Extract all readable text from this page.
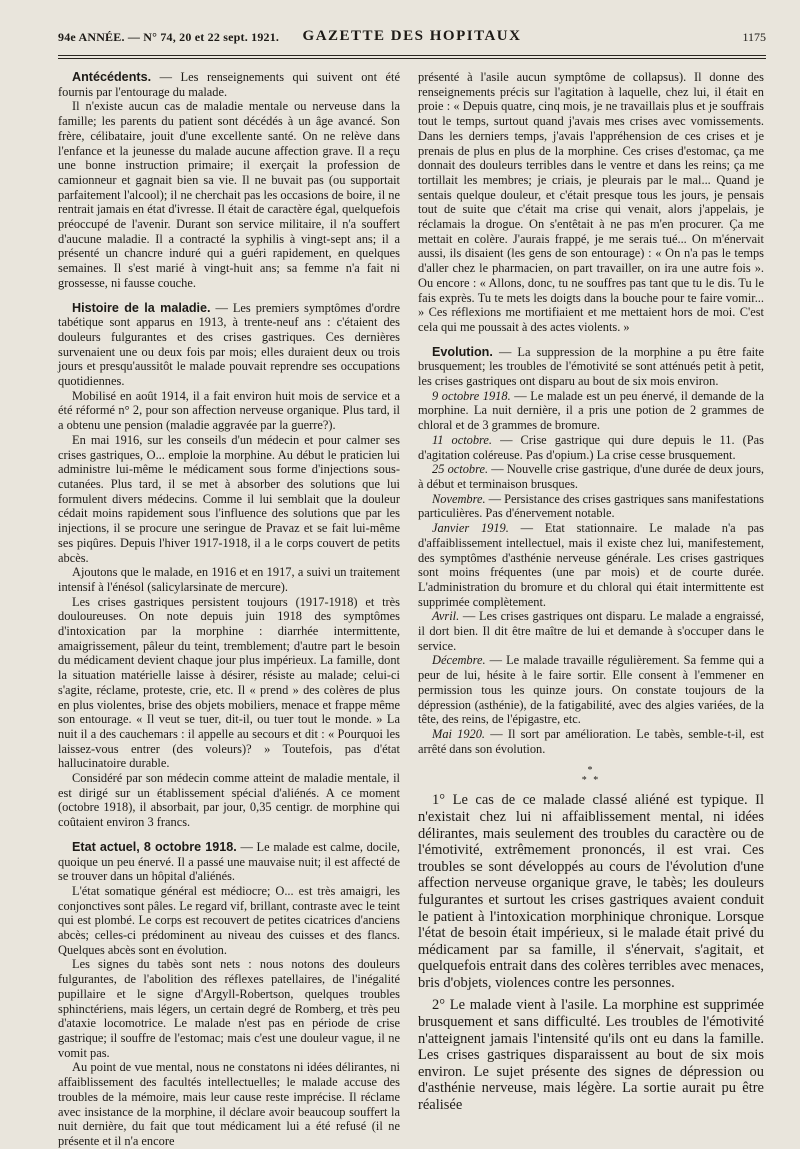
94e ANNÉE. — N° 74, 20 et 22 sept. 1921.	GAZETTE DES HOPITAUX	1175

Antécédents. — Les renseignements qui suivent ont été fournis par l'entourage du malade.

Il n'existe aucun cas de maladie mentale ou nerveuse dans la famille; les parents du patient sont décédés à un âge avancé. Son frère, célibataire, jouit d'une excellente santé. On ne relève dans l'enfance et la jeunesse du malade aucune affection grave. Il a reçu une bonne instruction primaire; il exerçait la profession de camionneur et gagnait bien sa vie. Il ne buvait pas (ou supportait parfaitement l'alcool); il ne cherchait pas les occasions de boire, il ne rentrait jamais en état d'ivresse. Il était de caractère égal, quelquefois préoccupé de l'avenir. Durant son service militaire, il n'a souffert d'aucune maladie. Il a contracté la syphilis à vingt-sept ans; il a présenté un chancre induré qui a guéri rapidement, en quelques semaines. Il s'est marié à vingt-huit ans; sa femme n'a fait ni grossesse, ni fausse couche.

Histoire de la maladie. — Les premiers symptômes d'ordre tabétique sont apparus en 1913, à trente-neuf ans : c'étaient des douleurs fulgurantes et des crises gastriques. Ces dernières survenaient une ou deux fois par mois; elles duraient deux ou trois jours et presqu'aussitôt le malade pouvait reprendre ses occupations quotidiennes.

Mobilisé en août 1914, il a fait environ huit mois de service et a été réformé n° 2, pour son affection nerveuse organique. Plus tard, il a obtenu une pension (maladie aggravée par la guerre?).

En mai 1916, sur les conseils d'un médecin et pour calmer ses crises gastriques, O... emploie la morphine. Au début le praticien lui administre lui-même le médicament sous forme d'injections sous-cutanées. Plus tard, il se met à absorber des solutions que lui formulent divers médecins. Comme il lui semblait que la douleur cédait moins rapidement sous l'influence des solutions que par les injections, il se procure une seringue de Pravaz et se fait lui-même ses piqûres. Depuis l'hiver 1917-1918, il a le corps couvert de petits abcès.

Ajoutons que le malade, en 1916 et en 1917, a suivi un traitement intensif à l'énésol (salicylarsinate de mercure).

Les crises gastriques persistent toujours (1917-1918) et très douloureuses. On note depuis juin 1918 des symptômes d'intoxication par la morphine : diarrhée intermittente, amaigrissement, pâleur du teint, tremblement; d'autre part le besoin du médicament devient chaque jour plus impérieux. La famille, dont la situation matérielle laisse à désirer, résiste au malade; celui-ci s'agite, réclame, proteste, crie, etc. Il « prend » des colères de plus en plus violentes, brise des objets mobiliers, menace et frappe même son entourage. « Il veut se tuer, dit-il, ou tuer tout le monde. » La nuit il a des cauchemars : il appelle au secours et dit : « Pourquoi les laissez-vous entrer (des voleurs)? » Toutefois, pas d'état hallucinatoire durable.

Considéré par son médecin comme atteint de maladie mentale, il est dirigé sur un établissement spécial d'aliénés. A ce moment (octobre 1918), il absorbait, par jour, 0,35 centigr. de morphine qui coûtaient environ 3 francs.

Etat actuel, 8 octobre 1918. — Le malade est calme, docile, quoique un peu énervé. Il a passé une mauvaise nuit; il est affecté de se trouver dans un hôpital d'aliénés.

L'état somatique général est médiocre; O... est très amaigri, les conjonctives sont pâles. Le regard vif, brillant, contraste avec le teint qui est plombé. Le corps est recouvert de petites cicatrices d'anciens abcès; celles-ci prédominent au niveau des cuisses et des flancs. Quelques abcès sont en évolution.

Les signes du tabès sont nets : nous notons des douleurs fulgurantes, de l'abolition des réflexes patellaires, de l'inégalité pupillaire et le signe d'Argyll-Robertson, quelques troubles sphinctériens, mais légers, un certain degré de Romberg, et très peu d'ataxie locomotrice. Le malade n'est pas en période de crise gastrique; il souffre de l'estomac; mais c'est une douleur vague, il ne vomit pas.

Au point de vue mental, nous ne constatons ni idées délirantes, ni affaiblissement des facultés intellectuelles; le malade accuse des troubles de la mémoire, mais leur cause reste imprécise. Il réclame avec insistance de la morphine, il déclare avoir beaucoup souffert la nuit dernière, du fait que tout médicament lui a été refusé (il ne présente et il n'a encore

présenté à l'asile aucun symptôme de collapsus). Il donne des renseignements précis sur l'agitation à laquelle, chez lui, il était en proie : « Depuis quatre, cinq mois, je ne travaillais plus et je souffrais tout le temps, surtout quand j'avais mes crises avec vomissements. Dans les derniers temps, j'avais l'appréhension de ces crises et je prenais de plus en plus de la morphine. Ces crises d'estomac, ça me donnait des douleurs terribles dans le ventre et dans les reins; ça me tortillait les membres; je criais, je pleurais par le mal... Quand je sentais quelque douleur, et c'était presque tous les jours, je pensais tout de suite que c'était ma crise qui venait, alors j'appelais, je réclamais la drogue. On s'entêtait à ne pas m'en procurer. Ça me mettait en colère. J'aurais frappé, je me serais tué... On m'énervait aussi, ils disaient (les gens de son entourage) : « On n'a pas le temps d'aller chez le pharmacien, on part travailler, on ira une autre fois ». Ou encore : « Allons, donc, tu ne souffres pas tant que tu le dis. Tu le fais exprès. Tu te mets les doigts dans la bouche pour te faire vomir... » Ces réflexions me mortifiaient et me mettaient hors de moi. C'est cela qui me poussait à des actes violents. »

Evolution. — La suppression de la morphine a pu être faite brusquement; les troubles de l'émotivité se sont atténués petit à petit, les crises gastriques ont disparu au bout de six mois environ.

9 octobre 1918. — Le malade est un peu énervé, il demande de la morphine. La nuit dernière, il a pris une potion de 2 grammes de chloral et de 3 grammes de bromure.

11 octobre. — Crise gastrique qui dure depuis le 11. (Pas d'agitation coléreuse. Pas d'opium.) La crise cesse brusquement.

25 octobre. — Nouvelle crise gastrique, d'une durée de deux jours, à début et terminaison brusques.

Novembre. — Persistance des crises gastriques sans manifestations particulières. Pas d'énervement notable.

Janvier 1919. — Etat stationnaire. Le malade n'a pas d'affaiblissement intellectuel, mais il existe chez lui, manifestement, des symptômes d'asthénie nerveuse générale. Les crises gastriques sont moins fréquentes (une par mois) et de courte durée. L'administration du bromure et du chloral qui était intermittente est supprimée complètement.

Avril. — Les crises gastriques ont disparu. Le malade a engraissé, il dort bien. Il dit être maître de lui et demande à s'occuper dans le service.

Décembre. — Le malade travaille régulièrement. Sa femme qui a peur de lui, hésite à le faire sortir. Elle consent à l'emmener en permission tous les quinze jours. On constate toujours de la dépression (asthénie), de la fatigabilité, avec des algies variées, de la tête, des reins, de l'épigastre, etc.

Mai 1920. — Il sort par amélioration. Le tabès, semble-t-il, est arrêté dans son évolution.

*
* *

1° Le cas de ce malade classé aliéné est typique. Il n'existait chez lui ni affaiblissement mental, ni idées délirantes, mais seulement des troubles du caractère ou de l'émotivité, extrêmement prononcés, il est vrai. Ces troubles se sont développés au cours de l'évolution d'une affection nerveuse organique grave, le tabès; les douleurs fulgurantes et surtout les crises gastriques avaient conduit le patient à l'intoxication morphinique chronique. Lorsque l'état de besoin était impérieux, si le malade était privé du médicament par sa famille, il s'énervait, s'agitait, et quelquefois entrait dans des colères terribles avec menaces, bris d'objets, violences contre les personnes.

2° Le malade vient à l'asile. La morphine est supprimée brusquement et sans difficulté. Les troubles de l'émotivité n'atteignent jamais l'intensité qu'ils ont eu dans la famille. Les crises gastriques disparaissent au bout de six mois environ. Le sujet présente des signes de dépression ou d'asthénie nerveuse, mais légère. La sortie aurait pu être réalisée
